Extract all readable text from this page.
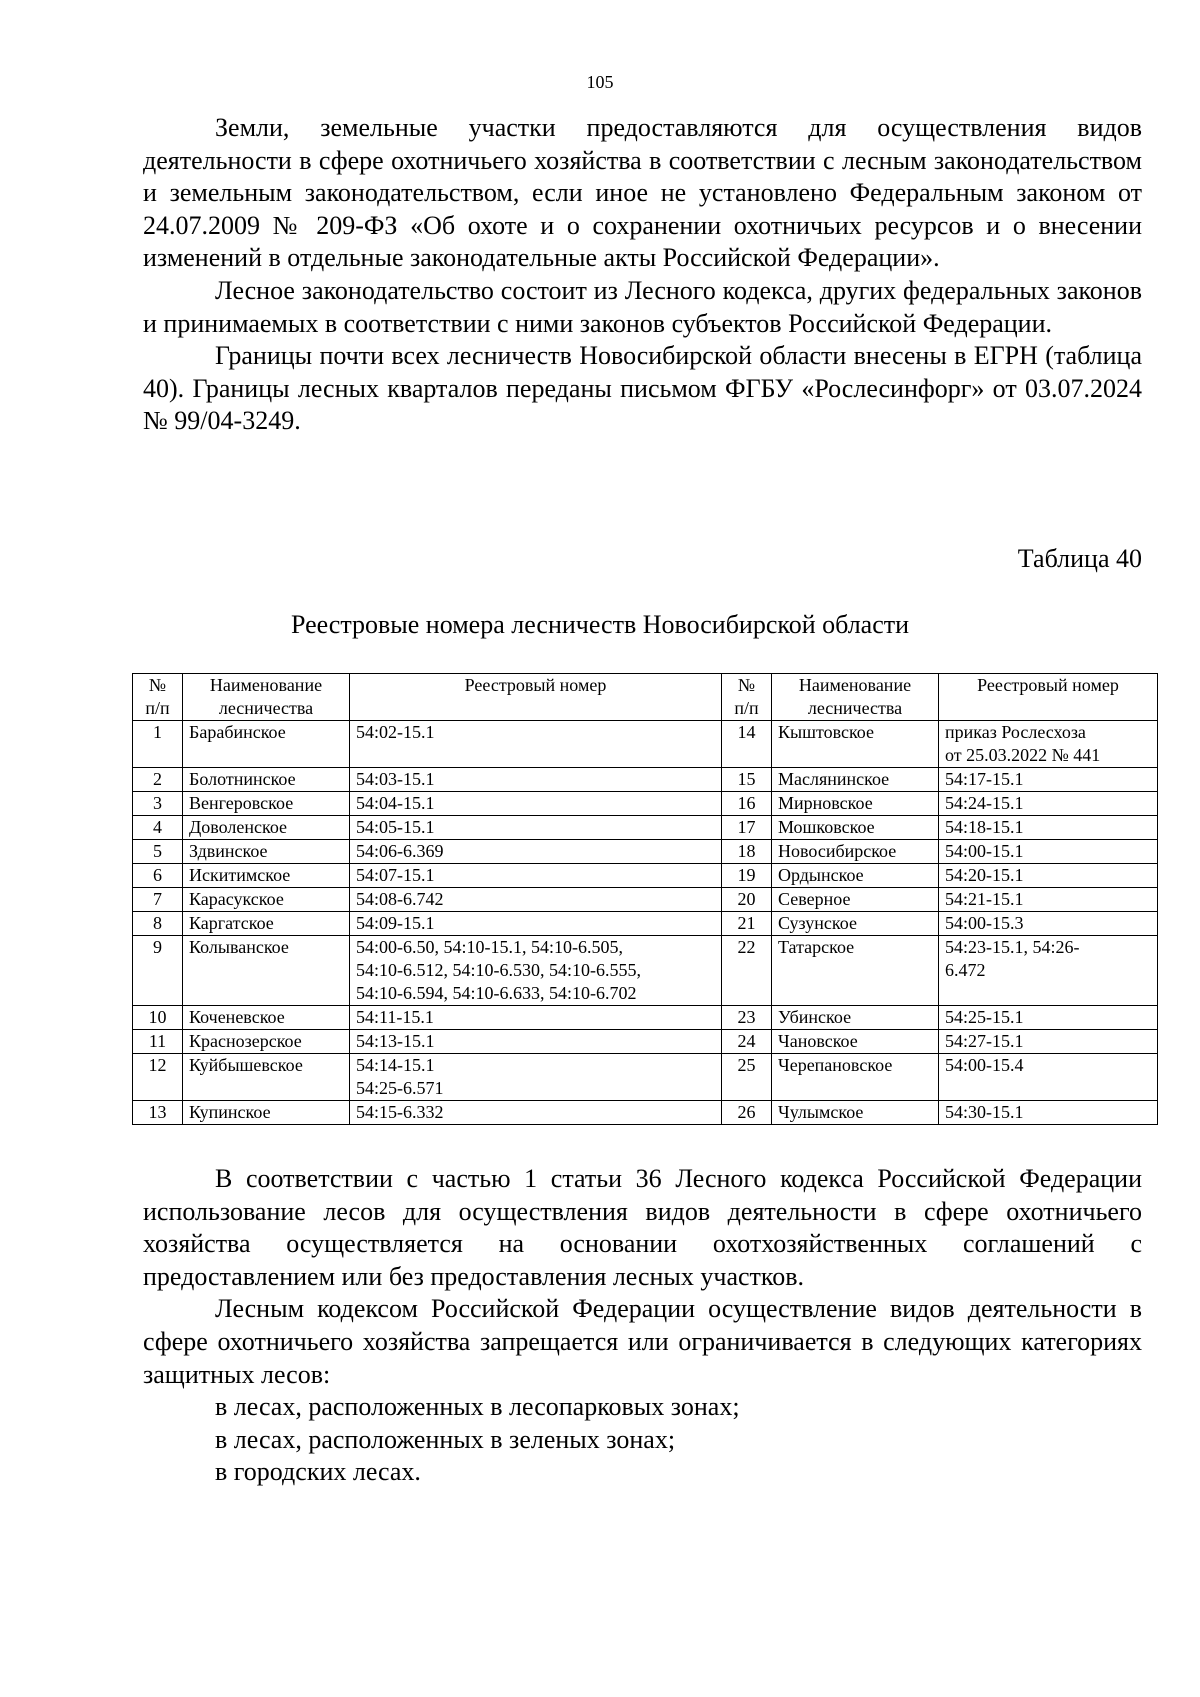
105

Земли, земельные участки предоставляются для осуществления видов деятельности в сфере охотничьего хозяйства в соответствии с лесным законодательством и земельным законодательством, если иное не установлено Федеральным законом от 24.07.2009 № 209-ФЗ «Об охоте и о сохранении охотничьих ресурсов и о внесении изменений в отдельные законодательные акты Российской Федерации».

Лесное законодательство состоит из Лесного кодекса, других федеральных законов и принимаемых в соответствии с ними законов субъектов Российской Федерации.

Границы почти всех лесничеств Новосибирской области внесены в ЕГРН (таблица 40). Границы лесных кварталов переданы письмом ФГБУ «Рослесинфорг» от 03.07.2024 № 99/04-3249.

Таблица 40
Реестровые номера лесничеств Новосибирской области
№
п/п	Наименование
лесничества	Реестровый номер	№
п/п	Наименование
лесничества	Реестровый номер
1	Барабинское	54:02-15.1	14	Кыштовское	приказ Рослесхоза
от 25.03.2022 № 441

2	Болотнинское	54:03-15.1	15	Маслянинское	54:17-15.1

3	Венгеровское	54:04-15.1	16	Мирновское	54:24-15.1

4	Доволенское	54:05-15.1	17	Мошковское	54:18-15.1

5	Здвинское	54:06-6.369	18	Новосибирское	54:00-15.1

6	Искитимское	54:07-15.1	19	Ордынское	54:20-15.1

7	Карасукское	54:08-6.742	20	Северное	54:21-15.1

8	Каргатское	54:09-15.1	21	Сузунское	54:00-15.3

9	Колыванское	54:00-6.50, 54:10-15.1, 54:10-6.505,
54:10-6.512, 54:10-6.530, 54:10-6.555,
54:10-6.594, 54:10-6.633, 54:10-6.702	22	Татарское	54:23-15.1, 54:26-
6.472

10	Коченевское	54:11-15.1	23	Убинское	54:25-15.1

11	Краснозерское	54:13-15.1	24	Чановское	54:27-15.1

12	Куйбышевское	54:14-15.1
54:25-6.571	25	Черепановское	54:00-15.4

13	Купинское	54:15-6.332	26	Чулымское	54:30-15.1

В соответствии с частью 1 статьи 36 Лесного кодекса Российской Федерации использование лесов для осуществления видов деятельности в сфере охотничьего хозяйства осуществляется на основании охотхозяйственных соглашений с предоставлением или без предоставления лесных участков.

Лесным кодексом Российской Федерации осуществление видов деятельности в сфере охотничьего хозяйства запрещается или ограничивается в следующих категориях защитных лесов:

в лесах, расположенных в лесопарковых зонах;

в лесах, расположенных в зеленых зонах;

в городских лесах.
